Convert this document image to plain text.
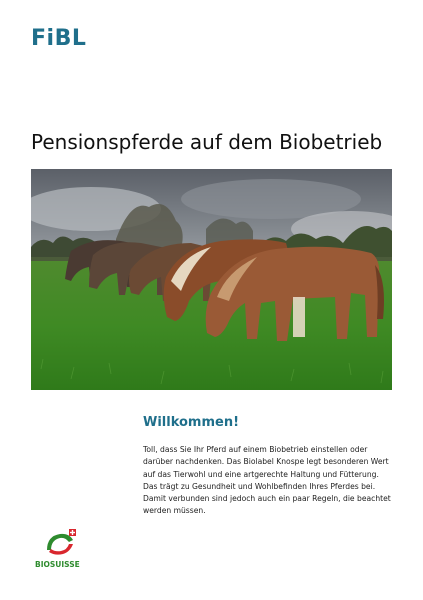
FiBL
Pensionspferde auf dem Biobetrieb
Willkommen!

Toll, dass Sie Ihr Pferd auf einem Biobetrieb einstellen oder darüber nachdenken. Das Biolabel Knospe legt besonderen Wert auf das Tierwohl und eine artgerechte Haltung und Fütterung. Das trägt zu Gesundheit und Wohlbefinden Ihres Pferdes bei. Damit verbunden sind jedoch auch ein paar Regeln, die beachtet werden müssen.

BIOSUISSE
